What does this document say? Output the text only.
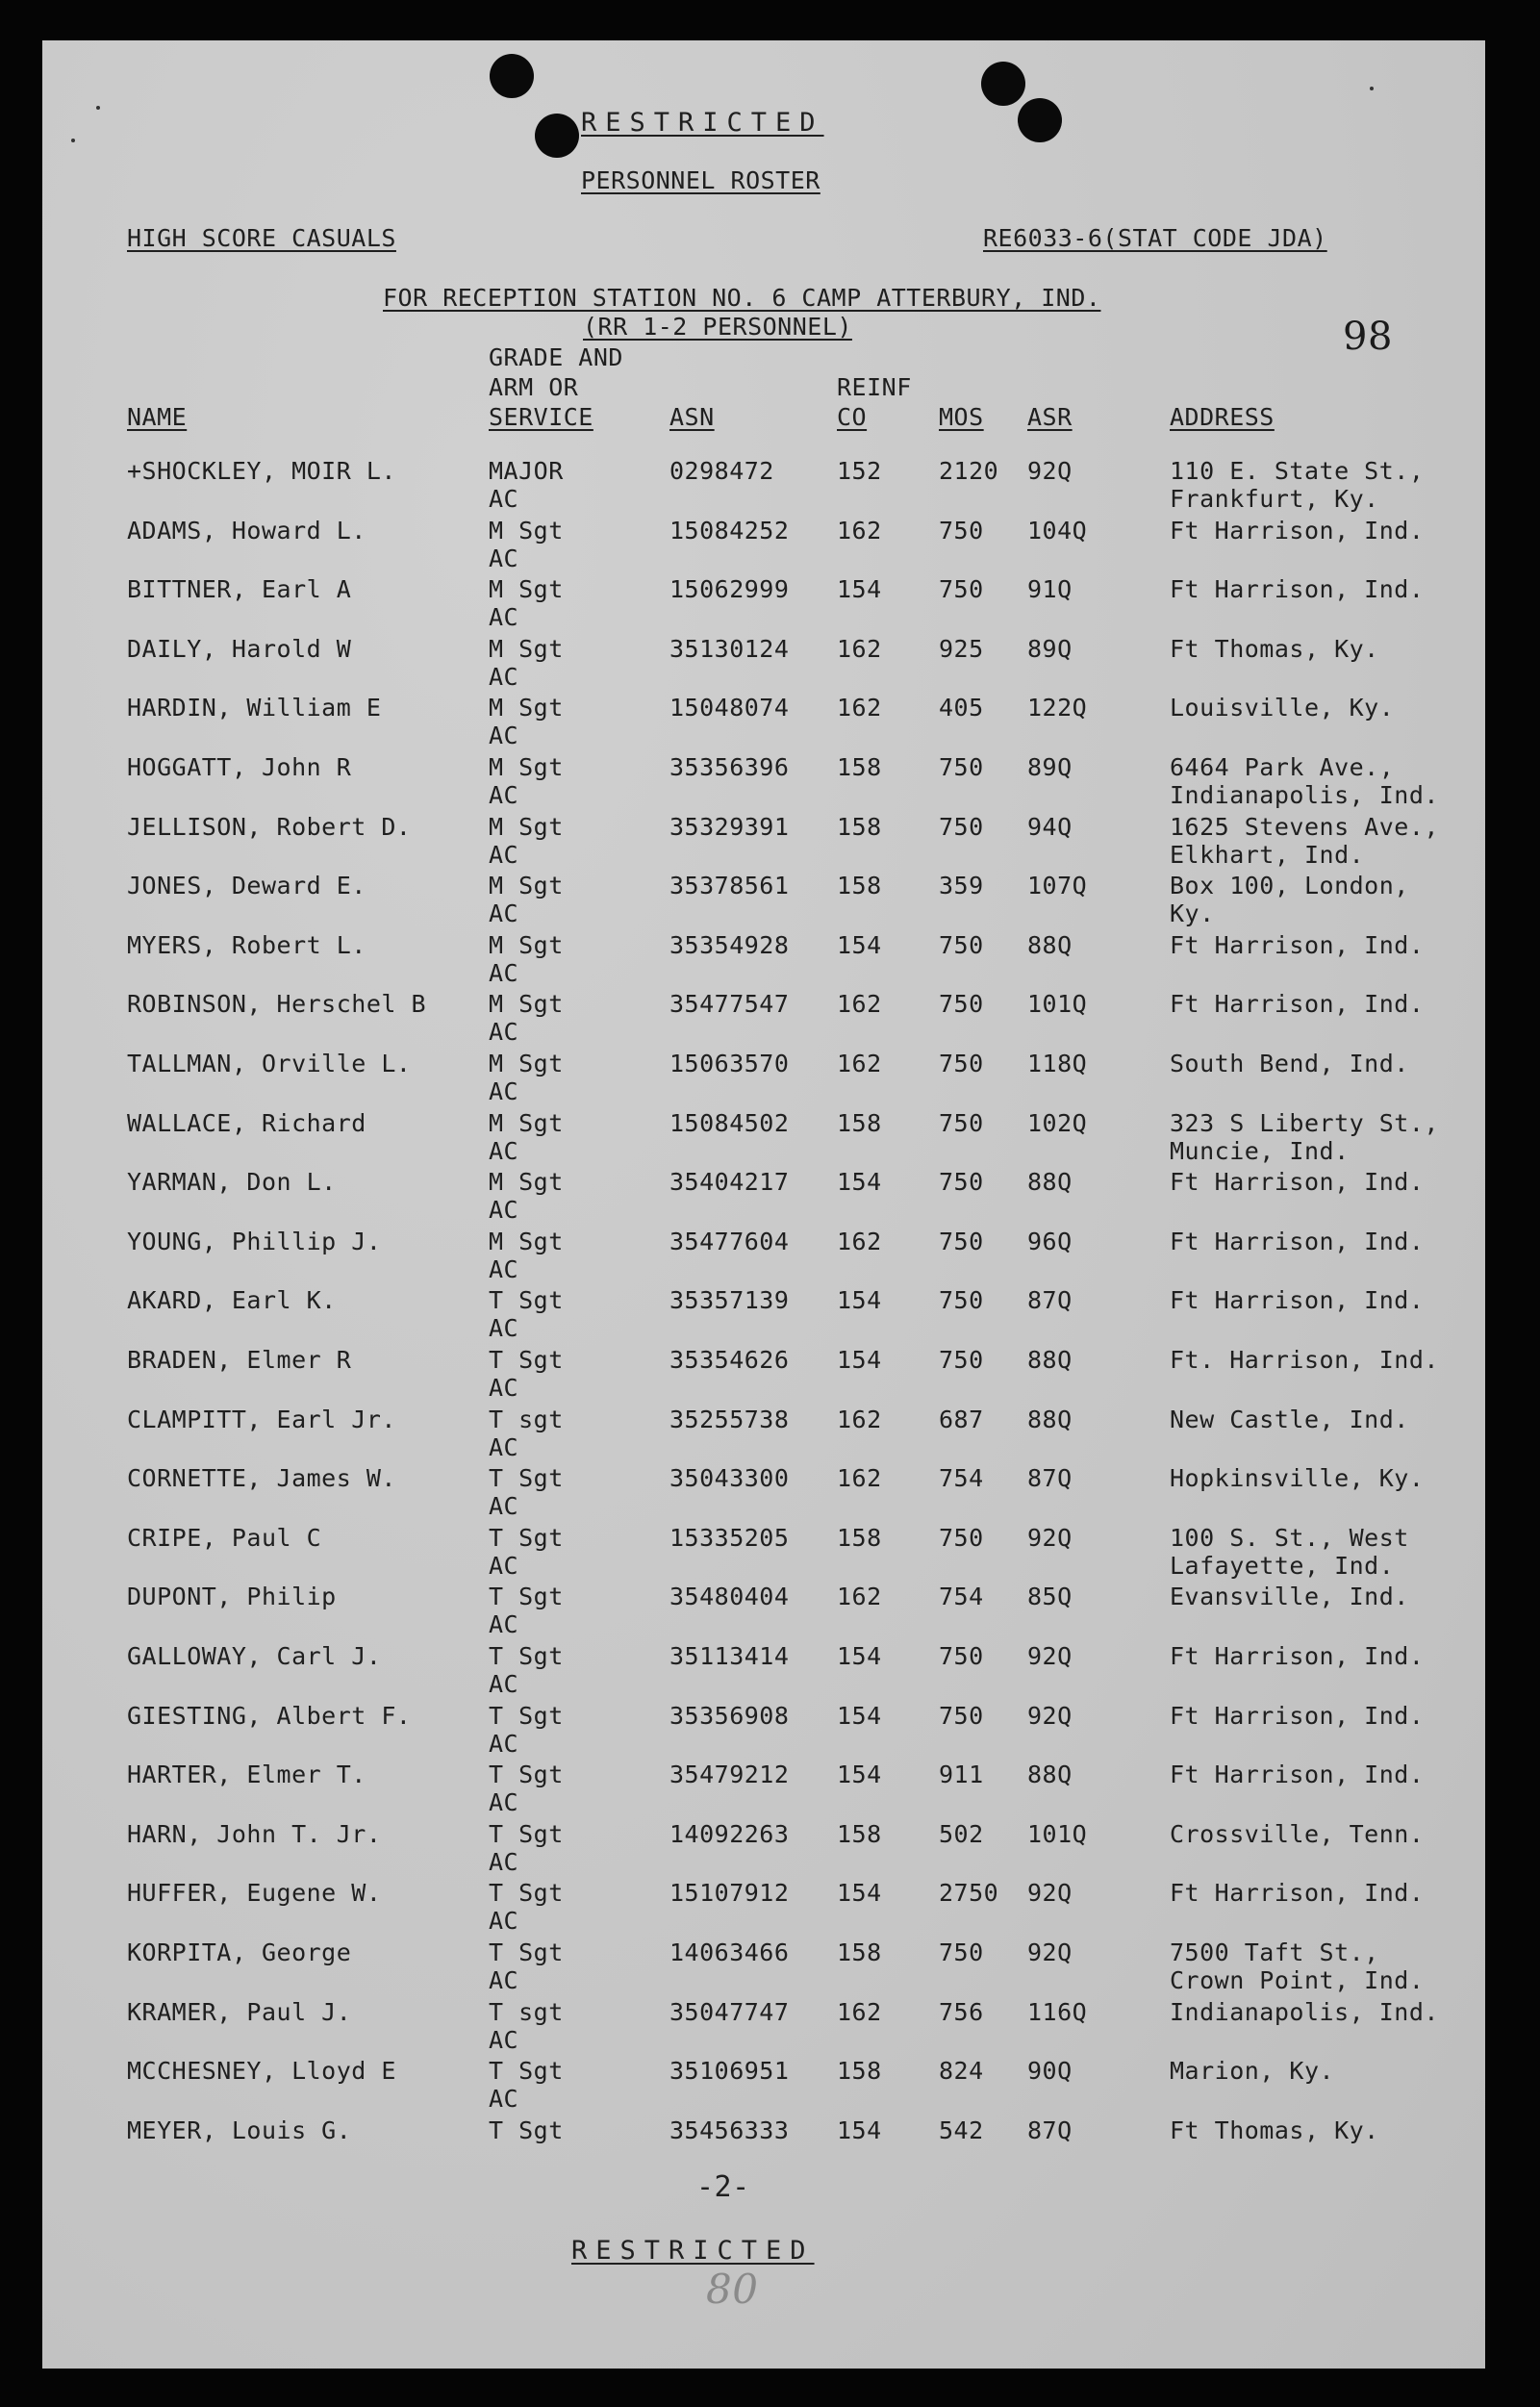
RESTRICTED
PERSONNEL ROSTER
HIGH SCORE CASUALS	RE6033-6(STAT CODE JDA)
FOR RECEPTION STATION NO. 6 CAMP ATTERBURY, IND.
(RR 1-2 PERSONNEL)	98
NAME
GRADE AND
ARM OR
SERVICE	ASN
REINF
CO	MOS ASR	ADDRESS
+SHOCKLEY, MOIR L.	MAJOR	0298472	152 2120 92Q	110 E. State St.,
AC	Frankfurt, Ky.
ADAMS, Howard L.	M Sgt	15084252 162 750 104Q	Ft Harrison, Ind.
AC
BITTNER, Earl A	M Sgt	15062999 154 750 91Q	Ft Harrison, Ind.
AC
DAILY, Harold W	M Sgt	35130124 162 925 89Q	Ft Thomas, Ky.
AC
HARDIN, William E	M Sgt	15048074 162 405 122Q	Louisville, Ky.
AC
HOGGATT, John R	M Sgt	35356396 158 750 89Q	6464 Park Ave.,
AC	Indianapolis, Ind.
JELLISON, Robert D.	M Sgt	35329391 158 750 94Q	1625 Stevens Ave.,
AC	Elkhart, Ind.
JONES, Deward E.	M Sgt	35378561 158 359 107Q	Box 100, London,
AC	Ky.
MYERS, Robert L.	M Sgt	35354928 154 750 88Q	Ft Harrison, Ind.
AC
ROBINSON, Herschel B	M Sgt	35477547 162 750 101Q	Ft Harrison, Ind.
AC
TALLMAN, Orville L.	M Sgt	15063570 162 750 118Q	South Bend, Ind.
AC
WALLACE, Richard	M Sgt	15084502 158 750 102Q	323 S Liberty St.,
AC	Muncie, Ind.
YARMAN, Don L.	M Sgt	35404217 154 750 88Q	Ft Harrison, Ind.
AC
YOUNG, Phillip J.	M Sgt	35477604 162 750 96Q	Ft Harrison, Ind.
AC
AKARD, Earl K.	T Sgt	35357139 154 750 87Q	Ft Harrison, Ind.
AC
BRADEN, Elmer R	T Sgt	35354626 154 750 88Q	Ft. Harrison, Ind.
AC
CLAMPITT, Earl Jr.	T sgt	35255738 162 687 88Q	New Castle, Ind.
AC
CORNETTE, James W.	T Sgt	35043300 162 754 87Q	Hopkinsville, Ky.
AC
CRIPE, Paul C	T Sgt	15335205 158 750 92Q	100 S. St., West
AC	Lafayette, Ind.
DUPONT, Philip	T Sgt	35480404 162 754 85Q	Evansville, Ind.
AC
GALLOWAY, Carl J.	T Sgt	35113414 154 750 92Q	Ft Harrison, Ind.
AC
GIESTING, Albert F.	T Sgt	35356908 154 750 92Q	Ft Harrison, Ind.
AC
HARTER, Elmer T.	T Sgt	35479212 154 911 88Q	Ft Harrison, Ind.
AC
HARN, John T. Jr.	T Sgt	14092263 158 502 101Q	Crossville, Tenn.
AC
HUFFER, Eugene W.	T Sgt	15107912 154 2750 92Q	Ft Harrison, Ind.
AC
KORPITA, George	T Sgt	14063466 158 750 92Q	7500 Taft St.,
AC	Crown Point, Ind.
KRAMER, Paul J.	T sgt	35047747 162 756 116Q	Indianapolis, Ind.
AC
MCCHESNEY, Lloyd E	T Sgt	35106951 158 824 90Q	Marion, Ky.
AC
MEYER, Louis G.	T Sgt	35456333 154 542 87Q	Ft Thomas, Ky.
-2-
RESTRICTED
80
